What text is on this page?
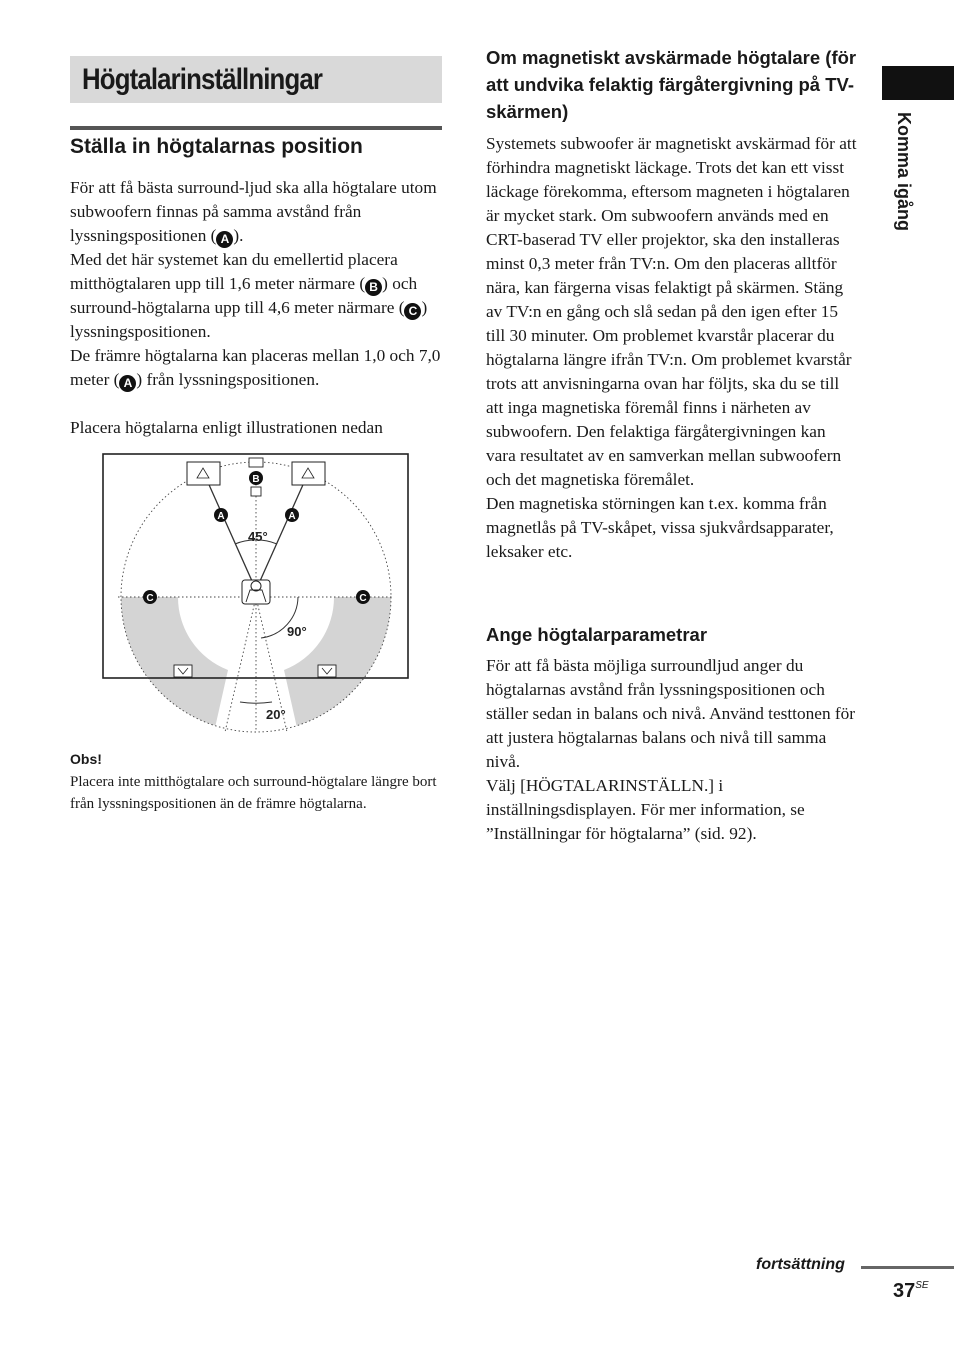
Högtalarinställningar
Ställa in högtalarnas position

För att få bästa surround-ljud ska alla högtalare utom subwoofern finnas på samma avstånd från lyssningspositionen ( A ).

Med det här systemet kan du emellertid placera mitthögtalaren upp till 1,6 meter närmare ( B ) och surround-högtalarna upp till 4,6 meter närmare ( C ) lyssningspositionen.

De främre högtalarna kan placeras mellan 1,0 och 7,0 meter ( A ) från lyssningspositionen.

Placera högtalarna enligt illustrationen nedan

B
A	A
C	C
45°
90°
20°
Obs!
Placera inte mitthögtalare och surround-högtalare längre bort från lyssningspositionen än de främre högtalarna.
Om magnetiskt avskärmade högtalare (för att undvika felaktig färgåtergivning på TV-skärmen)

Systemets subwoofer är magnetiskt avskärmad för att förhindra magnetiskt läckage. Trots det kan ett visst läckage förekomma, eftersom magneten i högtalaren är mycket stark. Om subwoofern används med en CRT-baserad TV eller projektor, ska den installeras minst 0,3 meter från TV:n. Om den placeras alltför nära, kan färgerna visas felaktigt på skärmen. Stäng av TV:n en gång och slå sedan på den igen efter 15 till 30 minuter. Om problemet kvarstår placerar du högtalarna längre ifrån TV:n. Om problemet kvarstår trots att anvisningarna ovan har följts, ska du se till att inga magnetiska föremål finns i närheten av subwoofern. Den felaktiga färgåtergivningen kan vara resultatet av en samverkan mellan subwoofern och det magnetiska föremålet.

Den magnetiska störningen kan t.ex. komma från magnetlås på TV-skåpet, vissa sjukvårdsapparater, leksaker etc.

Ange högtalarparametrar

För att få bästa möjliga surroundljud anger du högtalarnas avstånd från lyssningspositionen och ställer sedan in balans och nivå. Använd testtonen för att justera högtalarnas balans och nivå till samma nivå.

Välj [HÖGTALARINSTÄLLN.] i inställningsdisplayen. För mer information, se ”Inställningar för högtalarna” (sid. 92).

Komma igång
fortsättning
$37^{SE}$
